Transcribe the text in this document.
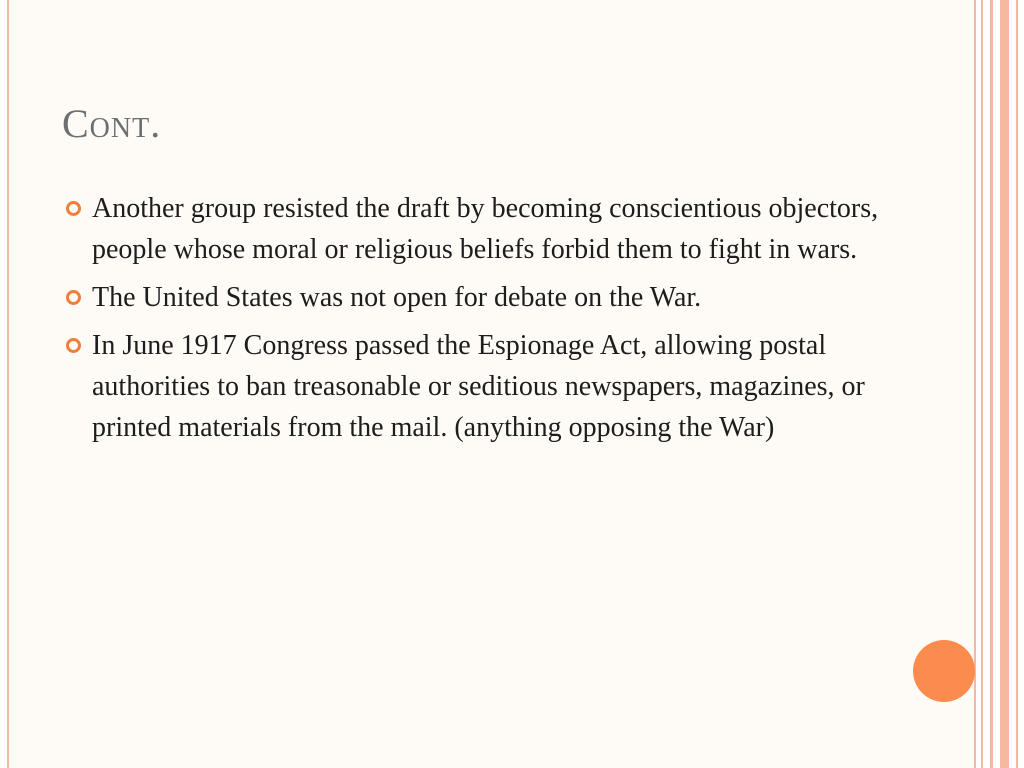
Cont.
Another group resisted the draft by becoming conscientious objectors, people whose moral or religious beliefs forbid them to fight in wars.
The United States was not open for debate on the War.
In June 1917 Congress passed the Espionage Act, allowing postal authorities to ban treasonable or seditious newspapers, magazines, or printed materials from the mail. (anything opposing the War)
